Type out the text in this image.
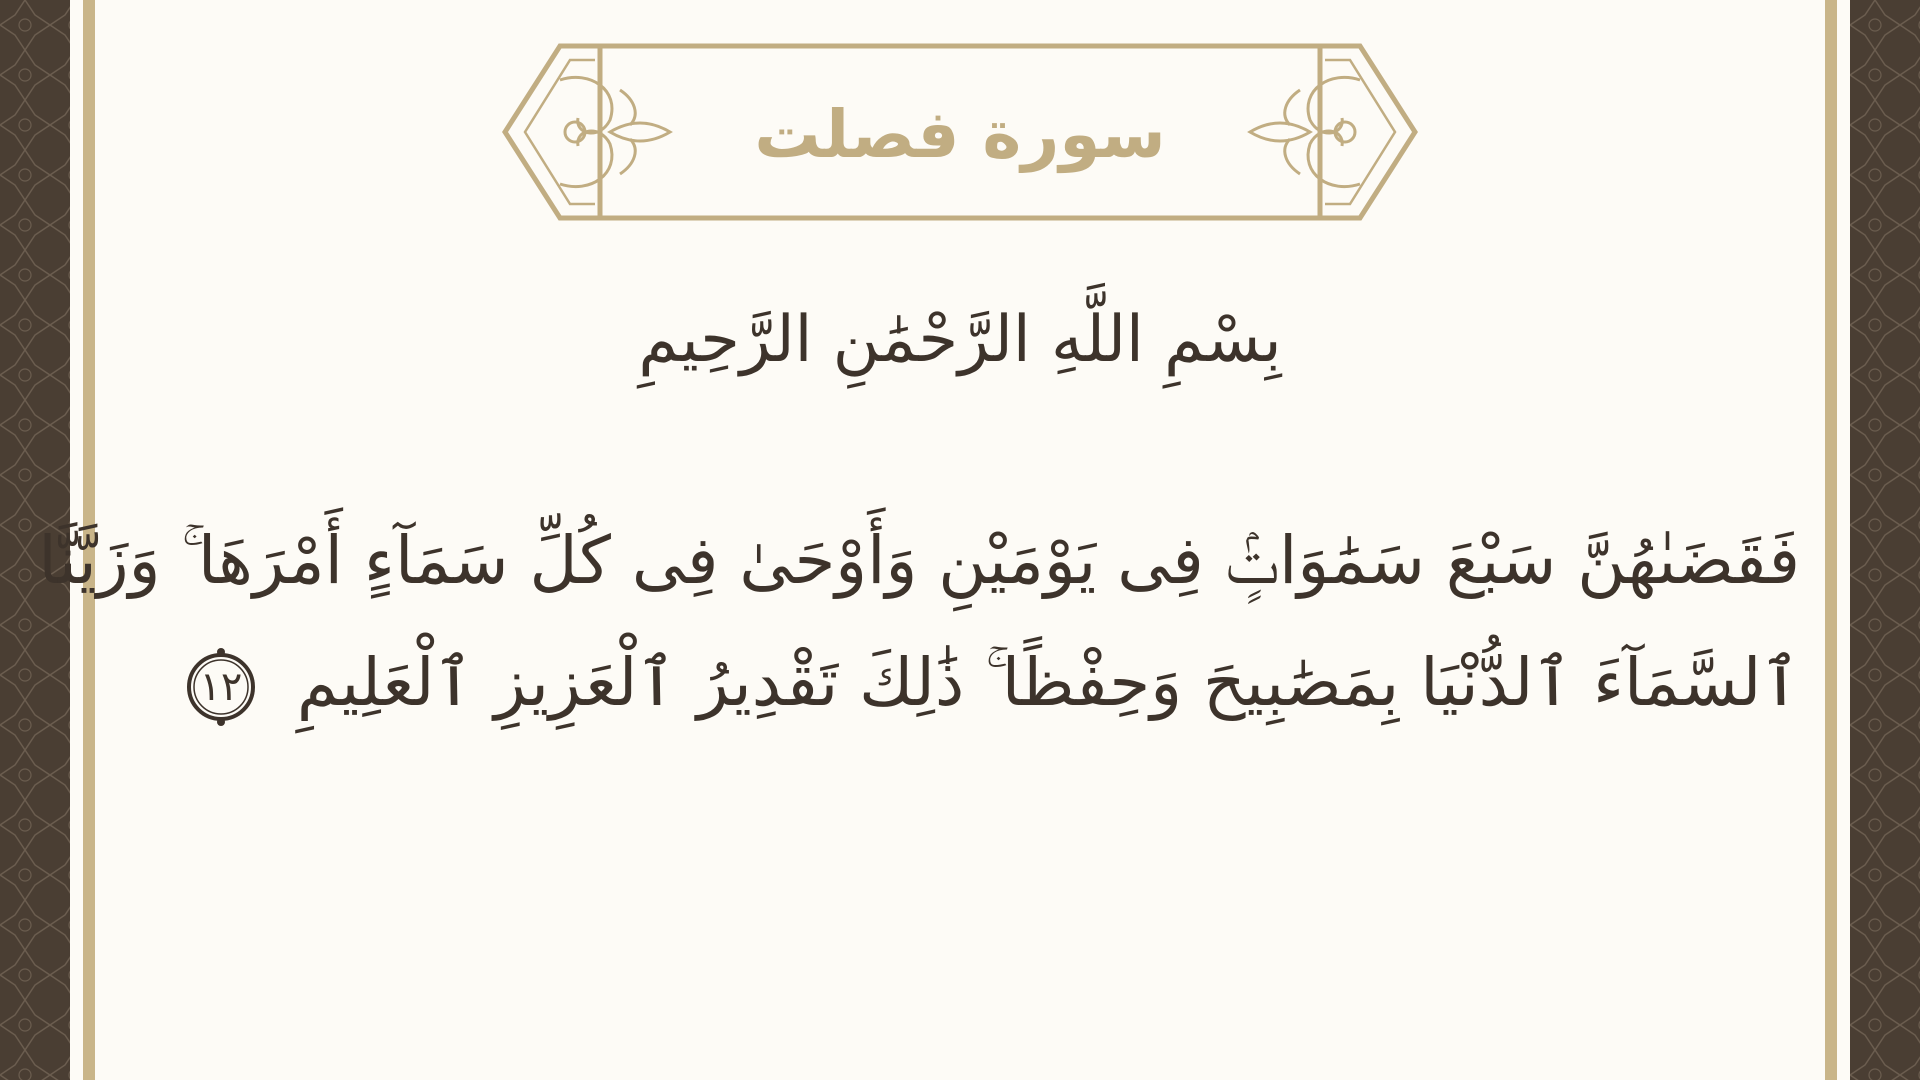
سورة فصلت
بِسْمِ اللَّهِ الرَّحْمَٰنِ الرَّحِيمِ
فَقَضَىٰهُنَّ سَبْعَ سَمَٰوَاتٍۢ فِى يَوْمَيْنِ وَأَوْحَىٰ فِى كُلِّ سَمَآءٍ أَمْرَهَا ۚ وَزَيَّنَّا
ٱلسَّمَآءَ ٱلدُّنْيَا بِمَصَٰبِيحَ وَحِفْظًا ۚ ذَٰلِكَ تَقْدِيرُ ٱلْعَزِيزِ ٱلْعَلِيمِ
١٢
